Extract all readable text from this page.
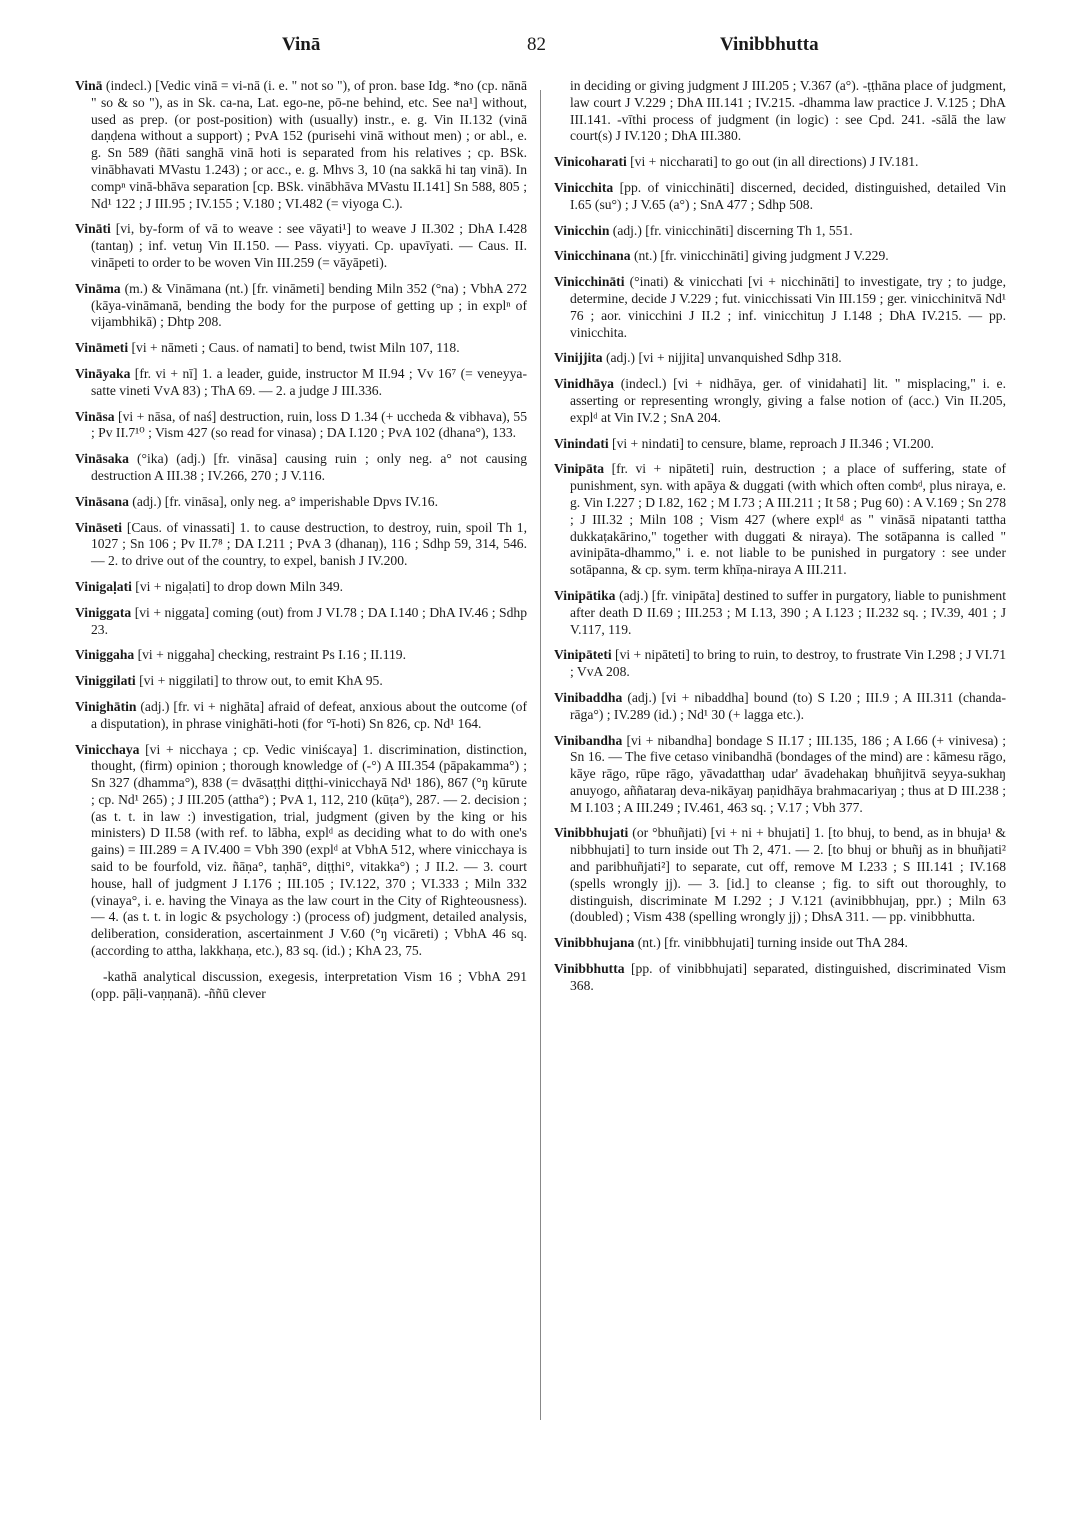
Vinā	82	Vinibbhutta

Vinā (indecl.) [Vedic vinā = vi-nā (i. e. " not so "), of pron. base Idg. *no (cp. nānā " so & so "), as in Sk. ca-na, Lat. ego-ne, pō-ne behind, etc. See na¹] without, used as prep. (or post-position) with (usually) instr., e. g. Vin II.132 (vinā daṇḍena without a support) ; PvA 152 (purisehi vinā without men) ; or abl., e. g. Sn 589 (ñāti sanghā vinā hoti is separated from his relatives ; cp. BSk. vinābhavati MVastu 1.243) ; or acc., e. g. Mhvs 3, 10 (na sakkā hi taŋ vinā). In compⁿ vinā-bhāva separation [cp. BSk. vinābhāva MVastu II.141] Sn 588, 805 ; Nd¹ 122 ; J III.95 ; IV.155 ; V.180 ; VI.482 (= viyoga C.).

Vināti [vi, by-form of vā to weave : see vāyati¹] to weave J II.302 ; DhA I.428 (tantaŋ) ; inf. vetuŋ Vin II.150. — Pass. viyyati. Cp. upavīyati. — Caus. II. vināpeti to order to be woven Vin III.259 (= vāyāpeti).

Vināma (m.) & Vināmana (nt.) [fr. vināmeti] bending Miln 352 (°na) ; VbhA 272 (kāya-vināmanā, bending the body for the purpose of getting up ; in explⁿ of vijambhikā) ; Dhtp 208.

Vināmeti [vi + nāmeti ; Caus. of namati] to bend, twist Miln 107, 118.

Vināyaka [fr. vi + nī] 1. a leader, guide, instructor M II.94 ; Vv 16⁷ (= veneyya-satte vineti VvA 83) ; ThA 69. — 2. a judge J III.336.

Vināsa [vi + nāsa, of naś] destruction, ruin, loss D 1.34 (+ uccheda & vibhava), 55 ; Pv II.7¹⁰ ; Vism 427 (so read for vinasa) ; DA I.120 ; PvA 102 (dhana°), 133.

Vināsaka (°ika) (adj.) [fr. vināsa] causing ruin ; only neg. a° not causing destruction A III.38 ; IV.266, 270 ; J V.116.

Vināsana (adj.) [fr. vināsa], only neg. a° imperishable Dpvs IV.16.

Vināseti [Caus. of vinassati] 1. to cause destruction, to destroy, ruin, spoil Th 1, 1027 ; Sn 106 ; Pv II.7⁸ ; DA I.211 ; PvA 3 (dhanaŋ), 116 ; Sdhp 59, 314, 546. — 2. to drive out of the country, to expel, banish J IV.200.

Vinigaḷati [vi + nigaḷati] to drop down Miln 349.

Viniggata [vi + niggata] coming (out) from J VI.78 ; DA I.140 ; DhA IV.46 ; Sdhp 23.

Viniggaha [vi + niggaha] checking, restraint Ps I.16 ; II.119.

Viniggilati [vi + niggilati] to throw out, to emit KhA 95.

Vinighātin (adj.) [fr. vi + nighāta] afraid of defeat, anxious about the outcome (of a disputation), in phrase vinighāti-hoti (for °ī-hoti) Sn 826, cp. Nd¹ 164.

Vinicchaya [vi + nicchaya ; cp. Vedic viniścaya] 1. discrimination, distinction, thought, (firm) opinion ; thorough knowledge of (-°) A III.354 (pāpakamma°) ; Sn 327 (dhamma°), 838 (= dvāsaṭṭhi diṭṭhi-vinicchayā Nd¹ 186), 867 (°ŋ kūrute ; cp. Nd¹ 265) ; J III.205 (attha°) ; PvA 1, 112, 210 (kūṭa°), 287. — 2. decision ; (as t. t. in law :) investigation, trial, judgment (given by the king or his ministers) D II.58 (with ref. to lābha, explᵈ as deciding what to do with one's gains) = III.289 = A IV.400 = Vbh 390 (explᵈ at VbhA 512, where vinicchaya is said to be fourfold, viz. ñāṇa°, taṇhā°, diṭṭhi°, vitakka°) ; J II.2. — 3. court house, hall of judgment J I.176 ; III.105 ; IV.122, 370 ; VI.333 ; Miln 332 (vinaya°, i. e. having the Vinaya as the law court in the City of Righteousness). — 4. (as t. t. in logic & psychology :) (process of) judgment, detailed analysis, deliberation, consideration, ascertainment J V.60 (°ŋ vicāreti) ; VbhA 46 sq. (according to attha, lakkhaṇa, etc.), 83 sq. (id.) ; KhA 23, 75.

-kathā analytical discussion, exegesis, interpretation Vism 16 ; VbhA 291 (opp. pāḷi-vaṇṇanā). -ññū clever

in deciding or giving judgment J III.205 ; V.367 (a°). -ṭṭhāna place of judgment, law court J V.229 ; DhA III.141 ; IV.215. -dhamma law practice J. V.125 ; DhA III.141. -vīthi process of judgment (in logic) : see Cpd. 241. -sālā the law court(s) J IV.120 ; DhA III.380.

Vinicoharati [vi + niccharati] to go out (in all directions) J IV.181.

Vinicchita [pp. of vinicchināti] discerned, decided, distinguished, detailed Vin I.65 (su°) ; J V.65 (a°) ; SnA 477 ; Sdhp 508.

Vinicchin (adj.) [fr. vinicchināti] discerning Th 1, 551.

Vinicchinana (nt.) [fr. vinicchināti] giving judgment J V.229.

Vinicchināti (°inati) & vinicchati [vi + nicchināti] to investigate, try ; to judge, determine, decide J V.229 ; fut. vinicchissati Vin III.159 ; ger. vinicchinitvā Nd¹ 76 ; aor. vinicchini J II.2 ; inf. vinicchituŋ J I.148 ; DhA IV.215. — pp. vinicchita.

Vinijjita (adj.) [vi + nijjita] unvanquished Sdhp 318.

Vinidhāya (indecl.) [vi + nidhāya, ger. of vinidahati] lit. " misplacing," i. e. asserting or representing wrongly, giving a false notion of (acc.) Vin II.205, explᵈ at Vin IV.2 ; SnA 204.

Vinindati [vi + nindati] to censure, blame, reproach J II.346 ; VI.200.

Vinipāta [fr. vi + nipāteti] ruin, destruction ; a place of suffering, state of punishment, syn. with apāya & duggati (with which often combᵈ, plus niraya, e. g. Vin I.227 ; D I.82, 162 ; M I.73 ; A III.211 ; It 58 ; Pug 60) : A V.169 ; Sn 278 ; J III.32 ; Miln 108 ; Vism 427 (where explᵈ as " vināsā nipatanti tattha dukkaṭakārino," together with duggati & niraya). The sotāpanna is called " avinipāta-dhammo," i. e. not liable to be punished in purgatory : see under sotāpanna, & cp. sym. term khīṇa-niraya A III.211.

Vinipātika (adj.) [fr. vinipāta] destined to suffer in purgatory, liable to punishment after death D II.69 ; III.253 ; M I.13, 390 ; A I.123 ; II.232 sq. ; IV.39, 401 ; J V.117, 119.

Vinipāteti [vi + nipāteti] to bring to ruin, to destroy, to frustrate Vin I.298 ; J VI.71 ; VvA 208.

Vinibaddha (adj.) [vi + nibaddha] bound (to) S I.20 ; III.9 ; A III.311 (chanda-rāga°) ; IV.289 (id.) ; Nd¹ 30 (+ lagga etc.).

Vinibandha [vi + nibandha] bondage S II.17 ; III.135, 186 ; A I.66 (+ vinivesa) ; Sn 16. — The five cetaso vinibandhā (bondages of the mind) are : kāmesu rāgo, kāye rāgo, rūpe rāgo, yāvadatthaŋ udar' āvadehakaŋ bhuñjitvā seyya-sukhaŋ anuyogo, aññataraŋ deva-nikāyaŋ paṇidhāya brahmacariyaŋ ; thus at D III.238 ; M I.103 ; A III.249 ; IV.461, 463 sq. ; V.17 ; Vbh 377.

Vinibbhujati (or °bhuñjati) [vi + ni + bhujati] 1. [to bhuj, to bend, as in bhuja¹ & nibbhujati] to turn inside out Th 2, 471. — 2. [to bhuj or bhuñj as in bhuñjati² and paribhuñjati²] to separate, cut off, remove M I.233 ; S III.141 ; IV.168 (spells wrongly jj). — 3. [id.] to cleanse ; fig. to sift out thoroughly, to distinguish, discriminate M I.292 ; J V.121 (avinibbhujaŋ, ppr.) ; Miln 63 (doubled) ; Vism 438 (spelling wrongly jj) ; DhsA 311. — pp. vinibbhutta.

Vinibbhujana (nt.) [fr. vinibbhujati] turning inside out ThA 284.

Vinibbhutta [pp. of vinibbhujati] separated, distinguished, discriminated Vism 368.
